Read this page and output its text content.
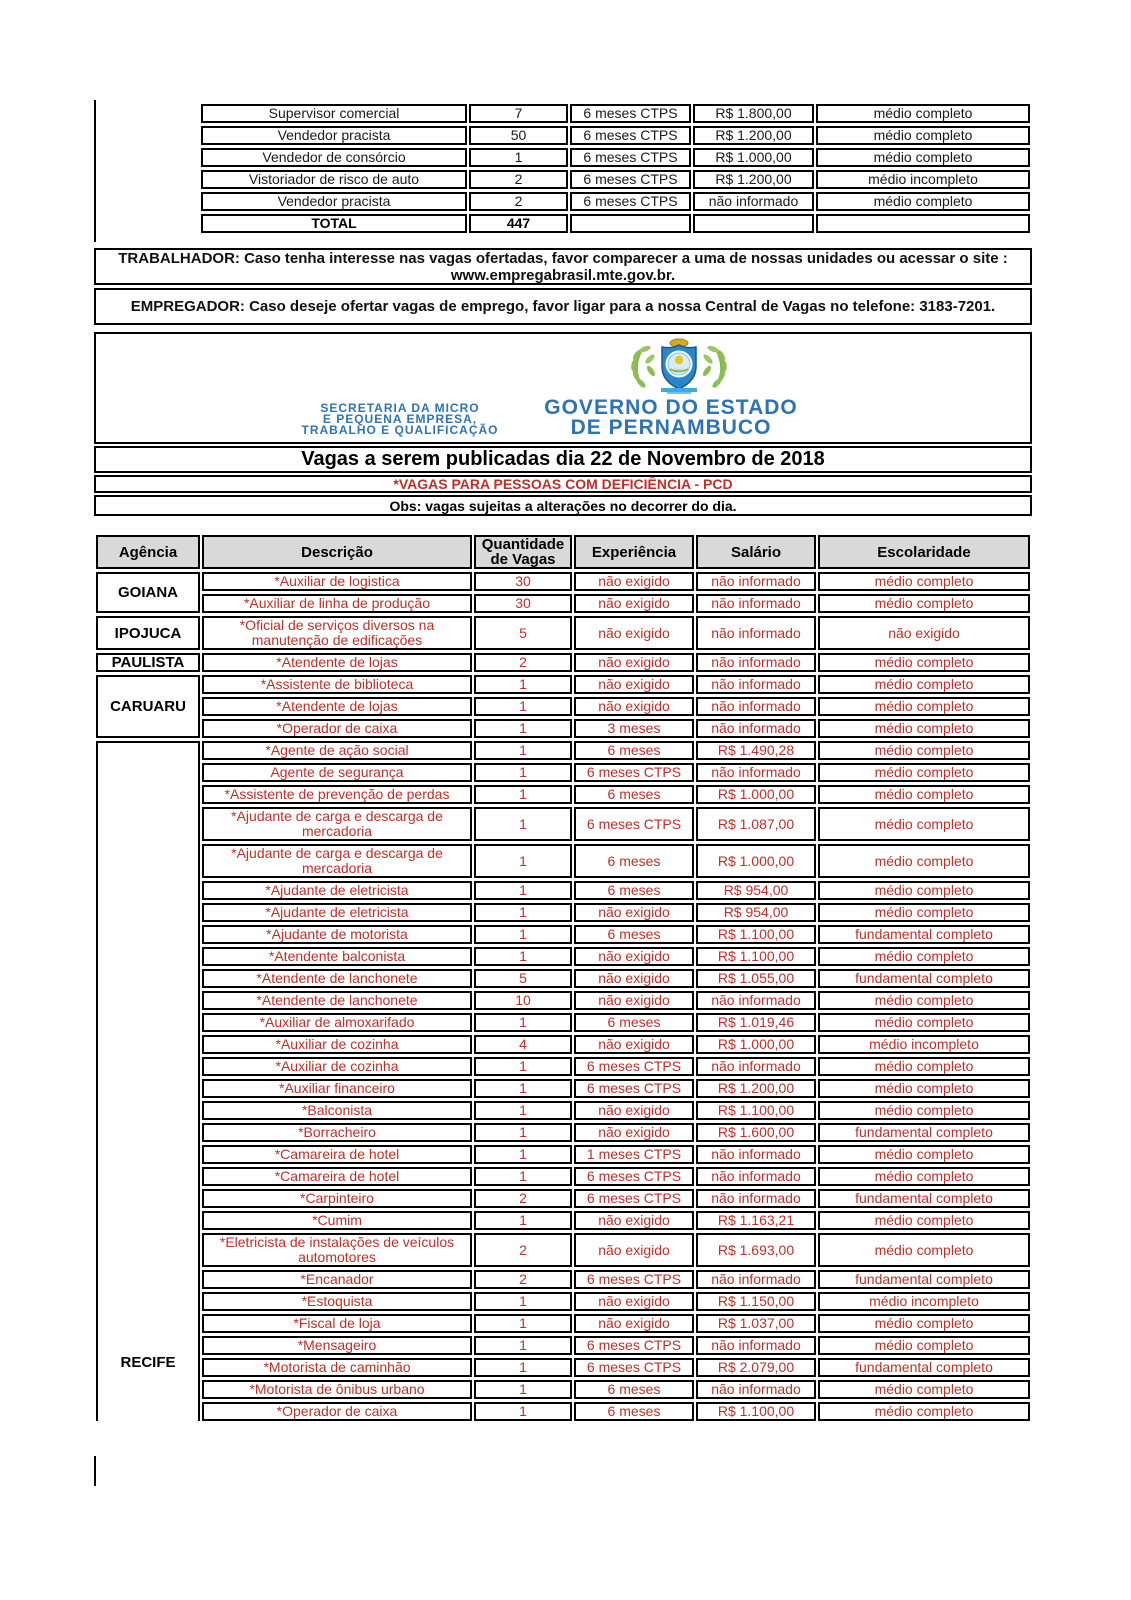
Supervisor comercial	7	6 meses CTPS	R$ 1.800,00	médio completo
Vendedor pracista	50	6 meses CTPS	R$ 1.200,00	médio completo
Vendedor de consórcio	1	6 meses CTPS	R$ 1.000,00	médio completo
Vistoriador de risco de auto	2	6 meses CTPS	R$ 1.200,00	médio incompleto
Vendedor pracista	2	6 meses CTPS	não informado	médio completo
TOTAL	447			
TRABALHADOR: Caso tenha interesse nas vagas ofertadas, favor comparecer a uma de nossas unidades ou acessar o site :
www.empregabrasil.mte.gov.br.
EMPREGADOR: Caso deseje ofertar vagas de emprego, favor ligar para a nossa Central de Vagas no telefone: 3183-7201.
SECRETARIA DA MICRO
E PEQUENA EMPRESA,
TRABALHO E QUALIFICAÇÃO
GOVERNO DO ESTADO
DE PERNAMBUCO
Vagas a serem publicadas dia 22 de Novembro de 2018
*VAGAS PARA PESSOAS COM DEFICIÊNCIA - PCD
Obs: vagas sujeitas a alterações no decorrer do dia.
Agência	Descrição	Quantidade de Vagas	Experiência	Salário	Escolaridade
GOIANA	*Auxiliar de logistica	30	não exigido	não informado	médio completo
	*Auxiliar de linha de produção	30	não exigido	não informado	médio completo
IPOJUCA	*Oficial de serviços diversos na manutenção de edificações	5	não exigido	não informado	não exigido
PAULISTA	*Atendente de lojas	2	não exigido	não informado	médio completo
CARUARU	*Assistente de biblioteca	1	não exigido	não informado	médio completo
	*Atendente de lojas	1	não exigido	não informado	médio completo
	*Operador de caixa	1	3 meses	não informado	médio completo

RECIFE	*Agente de ação social	1	6 meses	R$ 1.490,28	médio completo
	Agente de segurança	1	6 meses CTPS	não informado	médio completo
	*Assistente de prevenção de perdas	1	6 meses	R$ 1.000,00	médio completo
	*Ajudante de carga e descarga de mercadoria	1	6 meses CTPS	R$ 1.087,00	médio completo
	*Ajudante de carga e descarga de mercadoria	1	6 meses	R$ 1.000,00	médio completo
	*Ajudante de eletricista	1	6 meses	R$ 954,00	médio completo
	*Ajudante de eletricista	1	não exigido	R$ 954,00	médio completo
	*Ajudante de motorista	1	6 meses	R$ 1.100,00	fundamental completo
	*Atendente balconista	1	não exigido	R$ 1.100,00	médio completo
	*Atendente de lanchonete	5	não exigido	R$ 1.055,00	fundamental completo
	*Atendente de lanchonete	10	não exigido	não informado	médio completo
	*Auxiliar de almoxarifado	1	6 meses	R$ 1.019,46	médio completo
	*Auxiliar de cozinha	4	não exigido	R$ 1.000,00	médio incompleto
	*Auxiliar de cozinha	1	6 meses CTPS	não informado	médio completo
	*Auxiliar financeiro	1	6 meses CTPS	R$ 1.200,00	médio completo
	*Balconista	1	não exigido	R$ 1.100,00	médio completo
	*Borracheiro	1	não exigido	R$ 1.600,00	fundamental completo
	*Camareira de hotel	1	1 meses CTPS	não informado	médio completo
	*Camareira de hotel	1	6 meses CTPS	não informado	médio completo
	*Carpinteiro	2	6 meses CTPS	não informado	fundamental completo
	*Cumim	1	não exigido	R$ 1.163,21	médio completo
	*Eletricista de instalações de veículos automotores	2	não exigido	R$ 1.693,00	médio completo
	*Encanador	2	6 meses CTPS	não informado	fundamental completo
	*Estoquista	1	não exigido	R$ 1.150,00	médio incompleto
	*Fiscal de loja	1	não exigido	R$ 1.037,00	médio completo
	*Mensageiro	1	6 meses CTPS	não informado	médio completo
	*Motorista de caminhão	1	6 meses CTPS	R$ 2.079,00	fundamental completo
	*Motorista de ônibus urbano	1	6 meses	não informado	médio completo
	*Operador de caixa	1	6 meses	R$ 1.100,00	médio completo
